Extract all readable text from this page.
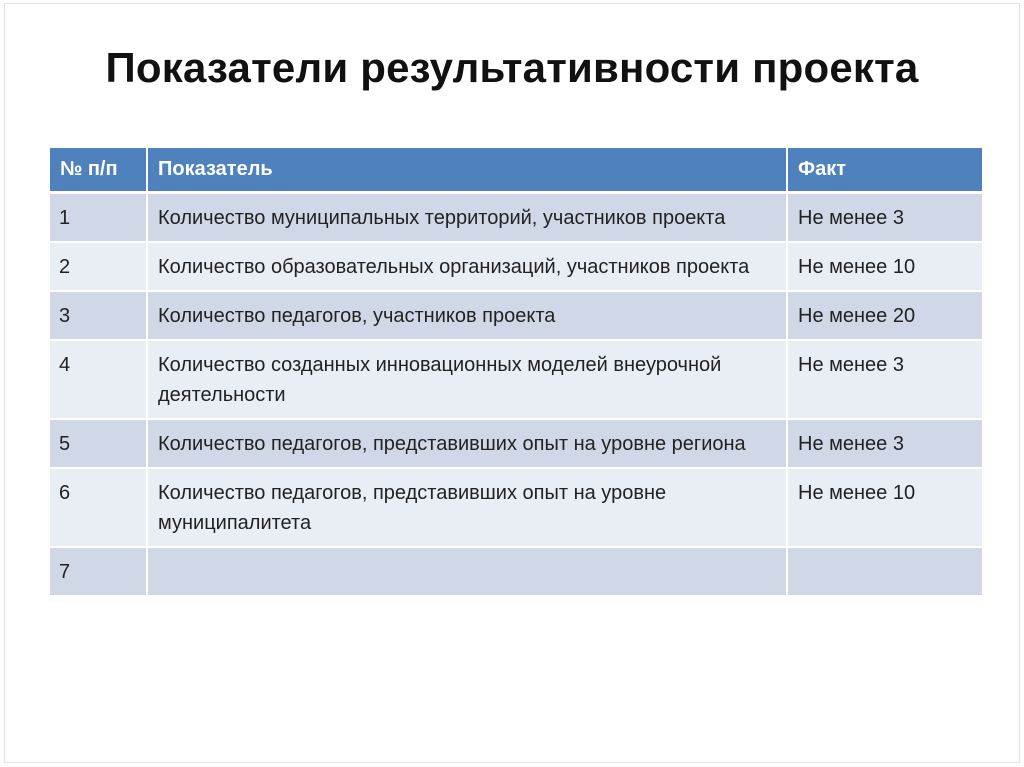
Показатели результативности проекта
№ п/п	Показатель	Факт
1	Количество муниципальных территорий, участников проекта	Не менее 3
2	Количество образовательных организаций, участников проекта	Не менее 10
3	Количество педагогов, участников проекта	Не менее 20
4	Количество созданных инновационных моделей внеурочной деятельности	Не менее 3
5	Количество педагогов, представивших опыт на уровне региона	Не менее 3
6	Количество педагогов, представивших опыт на уровне муниципалитета	Не менее 10
7		
